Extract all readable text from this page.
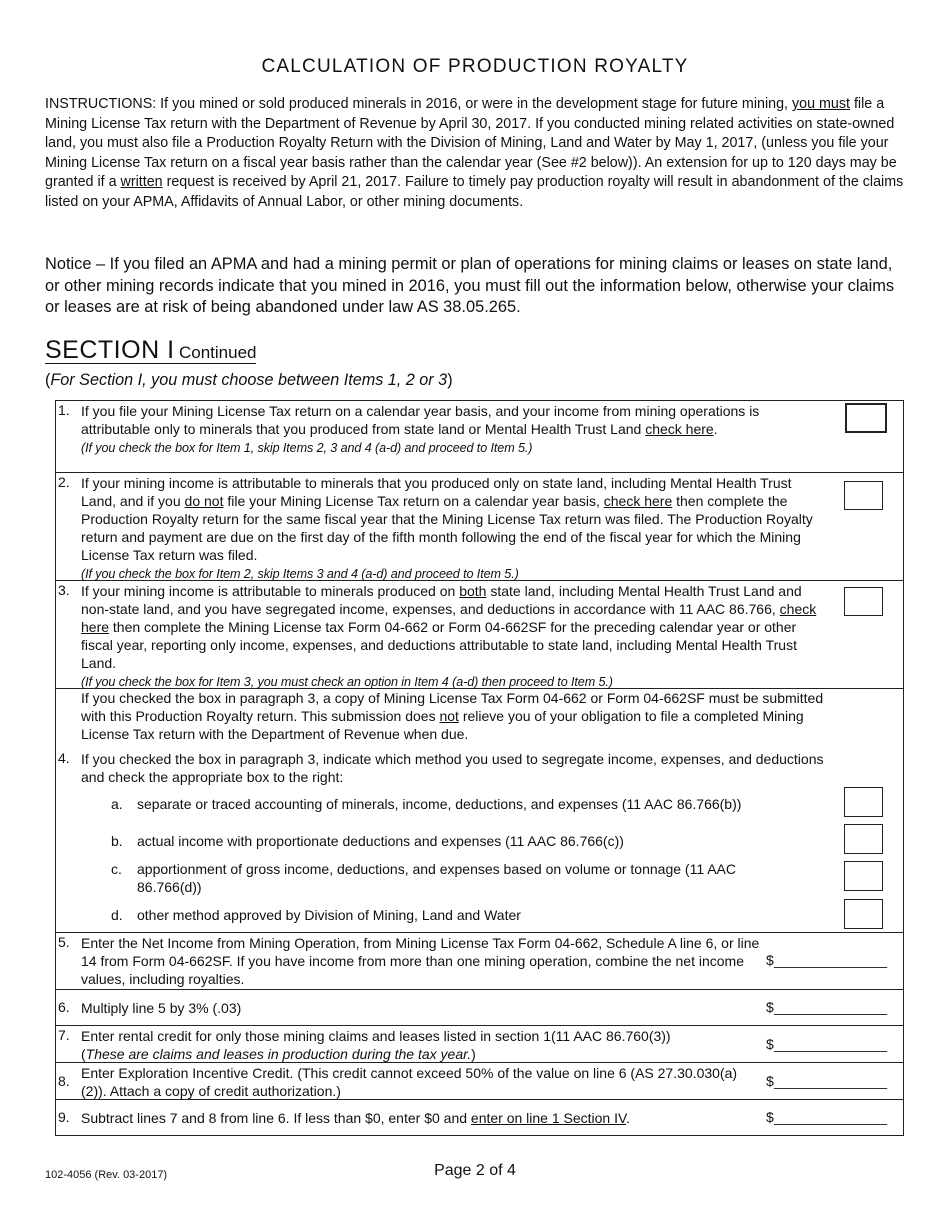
CALCULATION OF PRODUCTION ROYALTY
INSTRUCTIONS: If you mined or sold produced minerals in 2016, or were in the development stage for future mining, you must file a Mining License Tax return with the Department of Revenue by April 30, 2017. If you conducted mining related activities on state-owned land, you must also file a Production Royalty Return with the Division of Mining, Land and Water by May 1, 2017, (unless you file your Mining License Tax return on a fiscal year basis rather than the calendar year (See #2 below)). An extension for up to 120 days may be granted if a written request is received by April 21, 2017. Failure to timely pay production royalty will result in abandonment of the claims listed on your APMA, Affidavits of Annual Labor, or other mining documents.
Notice – If you filed an APMA and had a mining permit or plan of operations for mining claims or leases on state land, or other mining records indicate that you mined in 2016, you must fill out the information below, otherwise your claims or leases are at risk of being abandoned under law AS 38.05.265.
SECTION I Continued
(For Section I, you must choose between Items 1, 2 or 3)
1. If you file your Mining License Tax return on a calendar year basis, and your income from mining operations is attributable only to minerals that you produced from state land or Mental Health Trust Land check here.
(If you check the box for Item 1, skip Items 2, 3 and 4 (a-d) and proceed to Item 5.)
2. If your mining income is attributable to minerals that you produced only on state land, including Mental Health Trust Land, and if you do not file your Mining License Tax return on a calendar year basis, check here then complete the Production Royalty return for the same fiscal year that the Mining License Tax return was filed. The Production Royalty return and payment are due on the first day of the fifth month following the end of the fiscal year for which the Mining License Tax return was filed.
(If you check the box for Item 2, skip Items 3 and 4 (a-d) and proceed to Item 5.)
3. If your mining income is attributable to minerals produced on both state land, including Mental Health Trust Land and non-state land, and you have segregated income, expenses, and deductions in accordance with 11 AAC 86.766, check here then complete the Mining License tax Form 04-662 or Form 04-662SF for the preceding calendar year or other fiscal year, reporting only income, expenses, and deductions attributable to state land, including Mental Health Trust Land.
(If you check the box for Item 3, you must check an option in Item 4 (a-d) then proceed to Item 5.)
If you checked the box in paragraph 3, a copy of Mining License Tax Form 04-662 or Form 04-662SF must be submitted with this Production Royalty return. This submission does not relieve you of your obligation to file a completed Mining License Tax return with the Department of Revenue when due.
4. If you checked the box in paragraph 3, indicate which method you used to segregate income, expenses, and deductions and check the appropriate box to the right:
a. separate or traced accounting of minerals, income, deductions, and expenses (11 AAC 86.766(b))
b. actual income with proportionate deductions and expenses (11 AAC 86.766(c))
c. apportionment of gross income, deductions, and expenses based on volume or tonnage (11 AAC 86.766(d))
d. other method approved by Division of Mining, Land and Water
5. Enter the Net Income from Mining Operation, from Mining License Tax Form 04-662, Schedule A line 6, or line 14 from Form 04-662SF. If you have income from more than one mining operation, combine the net income values, including royalties.
$______________
6. Multiply line 5 by 3% (.03)	$______________
7. Enter rental credit for only those mining claims and leases listed in section 1(11 AAC 86.760(3))
(These are claims and leases in production during the tax year.)
$______________
8. Enter Exploration Incentive Credit. (This credit cannot exceed 50% of the value on line 6 (AS 27.30.030(a)(2)). Attach a copy of credit authorization.)
$______________
9. Subtract lines 7 and 8 from line 6. If less than $0, enter $0 and enter on line 1 Section IV.	$______________
102-4056 (Rev. 03-2017)	Page 2 of 4
